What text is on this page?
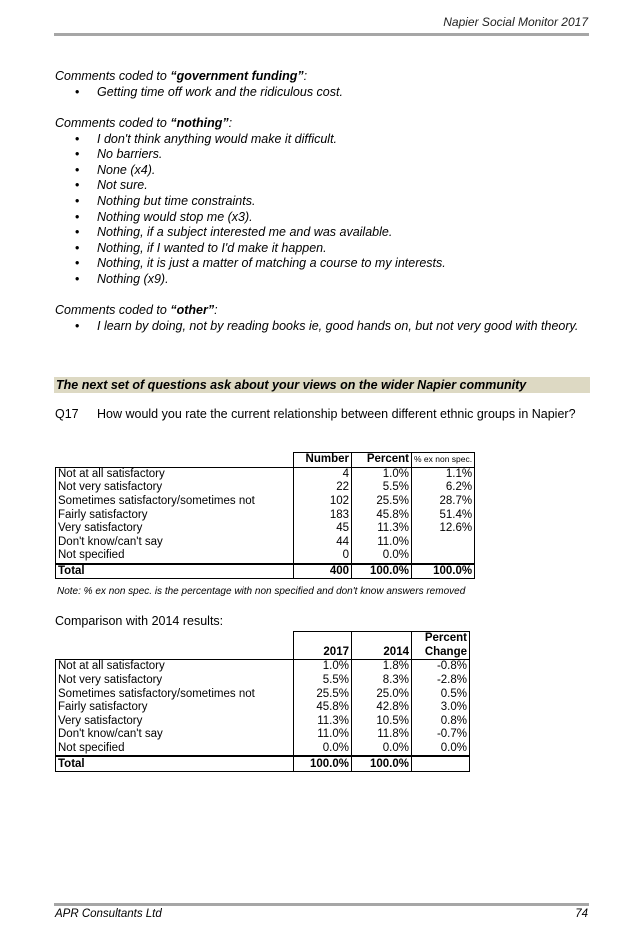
Napier Social Monitor 2017

Comments coded to “government funding”:

• Getting time off work and the ridiculous cost.

Comments coded to “nothing”:

• I don't think anything would make it difficult.
• No barriers.
• None (x4).
• Not sure.
• Nothing but time constraints.
• Nothing would stop me (x3).
• Nothing, if a subject interested me and was available.
• Nothing, if I wanted to I'd make it happen.
• Nothing, it is just a matter of matching a course to my interests.
• Nothing (x9).

Comments coded to “other”:

• I learn by doing, not by reading books ie, good hands on, but not very good with theory.
The next set of questions ask about your views on the wider Napier community
Q17 How would you rate the current relationship between different ethnic groups in Napier?
	Number	Percent	% ex non spec.
Not at all satisfactory	4	1.0%	1.1%
Not very satisfactory	22	5.5%	6.2%
Sometimes satisfactory/sometimes not	102	25.5%	28.7%
Fairly satisfactory	183	45.8%	51.4%
Very satisfactory	45	11.3%	12.6%
Don't know/can't say	44	11.0%	
Not specified	0	0.0%	
Total	400	100.0%	100.0%
Note: % ex non spec. is the percentage with non specified and don't know answers removed
Comparison with 2014 results:
	2017	2014	Percent
			Change
Not at all satisfactory	1.0%	1.8%	-0.8%
Not very satisfactory	5.5%	8.3%	-2.8%
Sometimes satisfactory/sometimes not	25.5%	25.0%	0.5%
Fairly satisfactory	45.8%	42.8%	3.0%
Very satisfactory	11.3%	10.5%	0.8%
Don't know/can't say	11.0%	11.8%	-0.7%
Not specified	0.0%	0.0%	0.0%
Total	100.0%	100.0%	
APR Consultants Ltd	74
